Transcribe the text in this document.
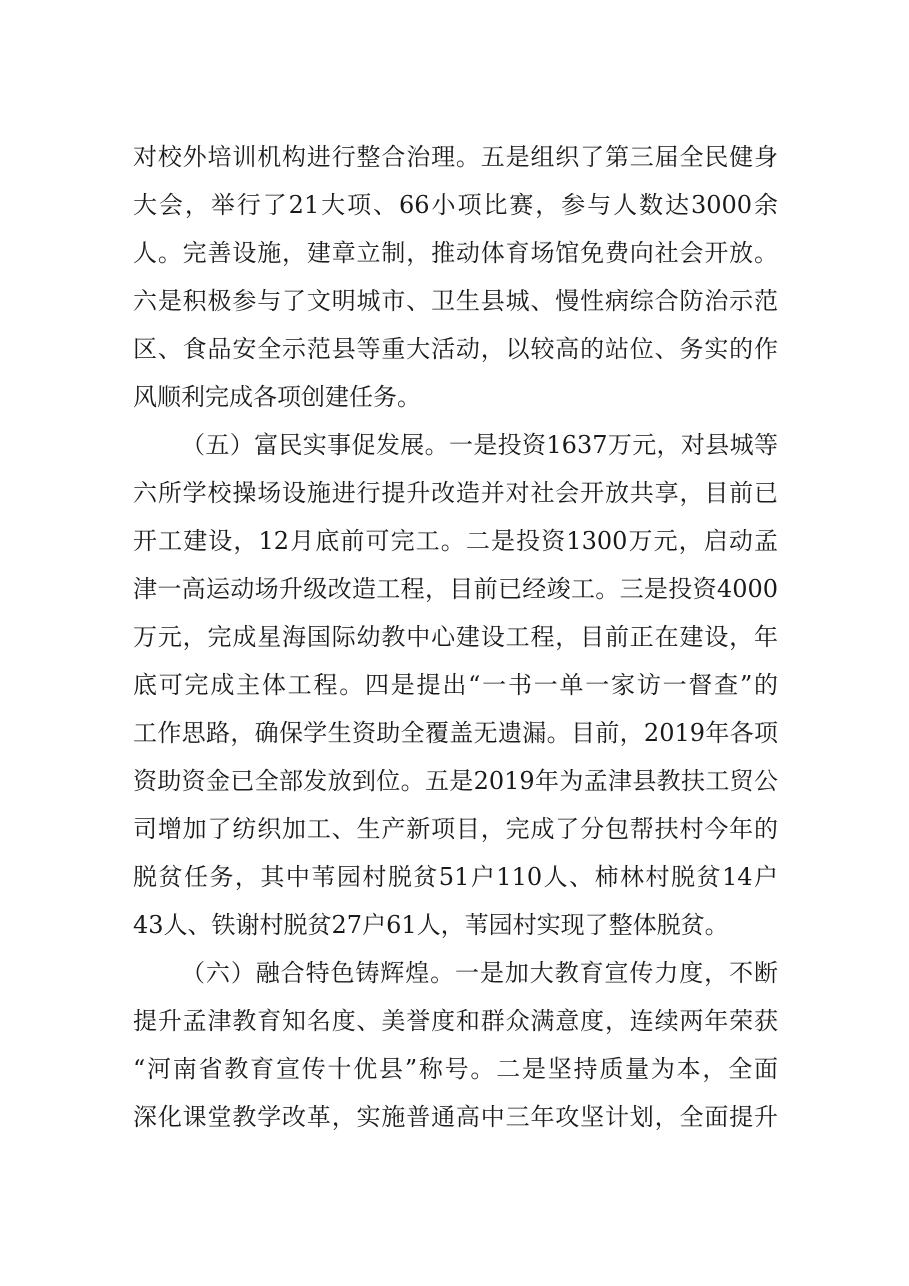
对校外培训机构进行整合治理。五是组织了第三届全民健身
大会，举行了21大项、66小项比赛，参与人数达3000余
人。完善设施，建章立制，推动体育场馆免费向社会开放。
六是积极参与了文明城市、卫生县城、慢性病综合防治示范
区、食品安全示范县等重大活动，以较高的站位、务实的作
风顺利完成各项创建任务。
（五）富民实事促发展。一是投资1637万元，对县城等
六所学校操场设施进行提升改造并对社会开放共享，目前已
开工建设，12月底前可完工。二是投资1300万元，启动孟
津一高运动场升级改造工程，目前已经竣工。三是投资4000
万元，完成星海国际幼教中心建设工程，目前正在建设，年
底可完成主体工程。四是提出“一书一单一家访一督查”的
工作思路，确保学生资助全覆盖无遗漏。目前，2019年各项
资助资金已全部发放到位。五是2019年为孟津县教扶工贸公
司增加了纺织加工、生产新项目，完成了分包帮扶村今年的
脱贫任务，其中苇园村脱贫51户110人、柿林村脱贫14户
43人、铁谢村脱贫27户61人，苇园村实现了整体脱贫。
（六）融合特色铸辉煌。一是加大教育宣传力度，不断
提升孟津教育知名度、美誉度和群众满意度，连续两年荣获
“河南省教育宣传十优县”称号。二是坚持质量为本，全面
深化课堂教学改革，实施普通高中三年攻坚计划，全面提升
